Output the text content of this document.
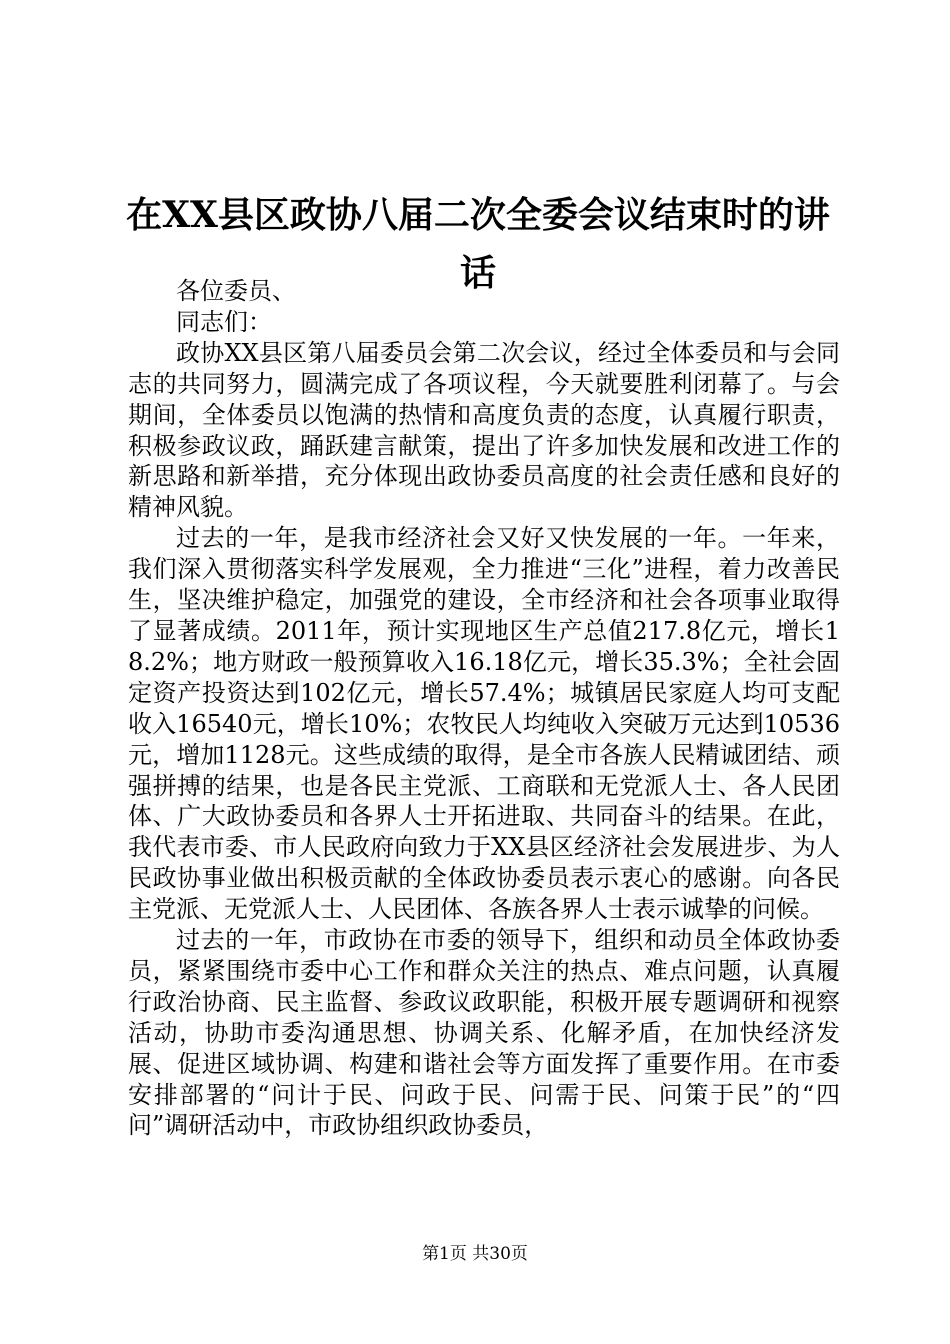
在XX县区政协八届二次全委会议结束时的讲话

各位委员、

同志们：

政协XX县区第八届委员会第二次会议，经过全体委员和与会同志的共同努力，圆满完成了各项议程，今天就要胜利闭幕了。与会期间，全体委员以饱满的热情和高度负责的态度，认真履行职责，积极参政议政，踊跃建言献策，提出了许多加快发展和改进工作的新思路和新举措，充分体现出政协委员高度的社会责任感和良好的精神风貌。

过去的一年，是我市经济社会又好又快发展的一年。一年来，我们深入贯彻落实科学发展观，全力推进“三化”进程，着力改善民生，坚决维护稳定，加强党的建设，全市经济和社会各项事业取得了显著成绩。2011年，预计实现地区生产总值217.8亿元，增长18.2%；地方财政一般预算收入16.18亿元，增长35.3%；全社会固定资产投资达到102亿元，增长57.4%；城镇居民家庭人均可支配收入16540元，增长10%；农牧民人均纯收入突破万元达到10536元，增加1128元。这些成绩的取得，是全市各族人民精诚团结、顽强拼搏的结果，也是各民主党派、工商联和无党派人士、各人民团体、广大政协委员和各界人士开拓进取、共同奋斗的结果。在此，我代表市委、市人民政府向致力于XX县区经济社会发展进步、为人民政协事业做出积极贡献的全体政协委员表示衷心的感谢。向各民主党派、无党派人士、人民团体、各族各界人士表示诚挚的问候。

过去的一年，市政协在市委的领导下，组织和动员全体政协委员，紧紧围绕市委中心工作和群众关注的热点、难点问题，认真履行政治协商、民主监督、参政议政职能，积极开展专题调研和视察活动，协助市委沟通思想、协调关系、化解矛盾，在加快经济发展、促进区域协调、构建和谐社会等方面发挥了重要作用。在市委安排部署的“问计于民、问政于民、问需于民、问策于民”的“四问”调研活动中，市政协组织政协委员，

第1页 共30页
